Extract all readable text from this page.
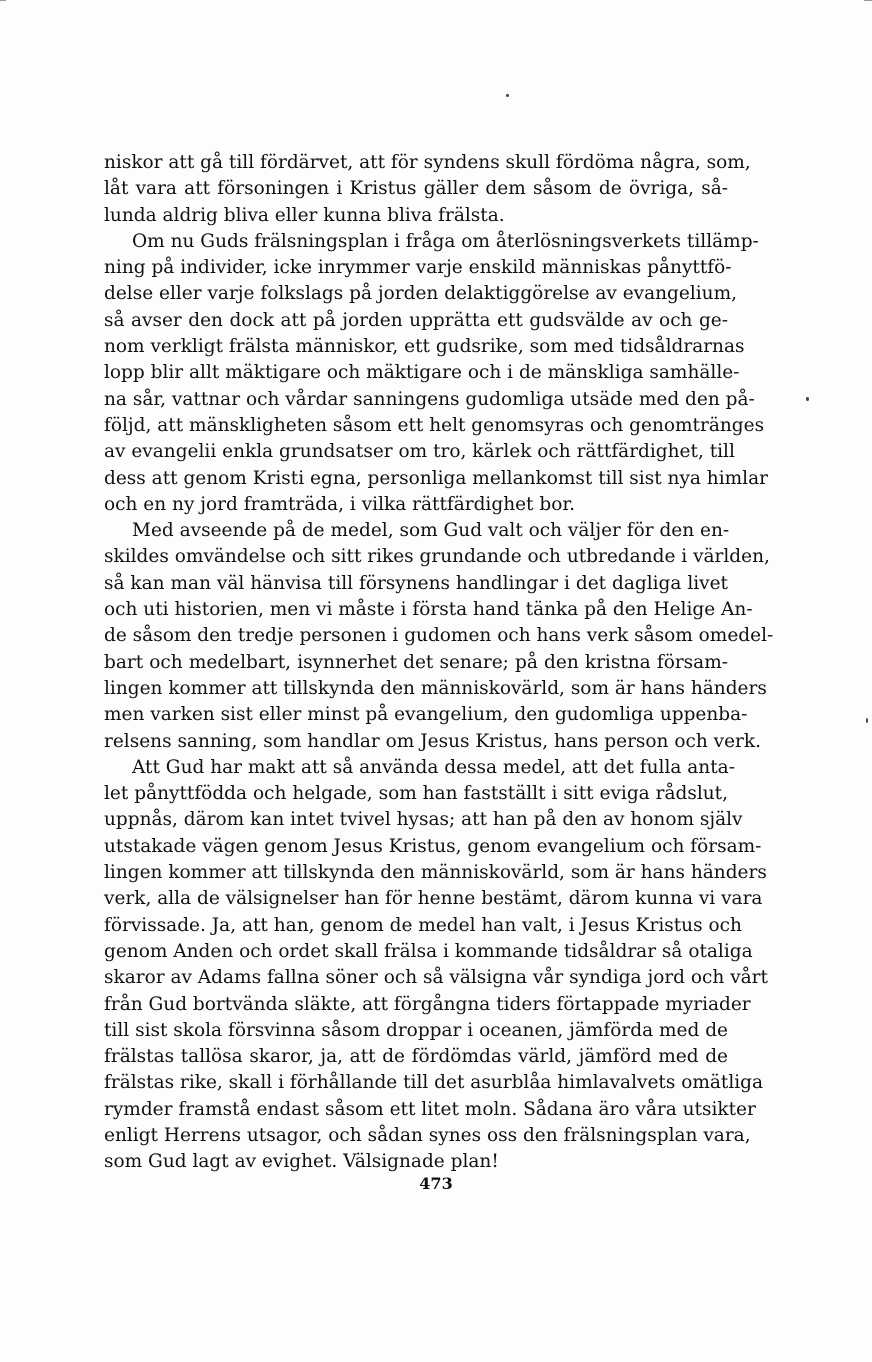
niskor att gå till fördärvet, att för syndens skull fördöma några, som,
låt vara att försoningen i Kristus gäller dem såsom de övriga, så-
lunda aldrig bliva eller kunna bliva frälsta.
Om nu Guds frälsningsplan i fråga om återlösningsverkets tillämp-
ning på individer, icke inrymmer varje enskild människas pånyttfö-
delse eller varje folkslags på jorden delaktiggörelse av evangelium,
så avser den dock att på jorden upprätta ett gudsvälde av och ge-
nom verkligt frälsta människor, ett gudsrike, som med tidsåldrarnas
lopp blir allt mäktigare och mäktigare och i de mänskliga samhälle-
na sår, vattnar och vårdar sanningens gudomliga utsäde med den på-
följd, att mänskligheten såsom ett helt genomsyras och genomtränges
av evangelii enkla grundsatser om tro, kärlek och rättfärdighet, till
dess att genom Kristi egna, personliga mellankomst till sist nya himlar
och en ny jord framträda, i vilka rättfärdighet bor.
Med avseende på de medel, som Gud valt och väljer för den en-
skildes omvändelse och sitt rikes grundande och utbredande i världen,
så kan man väl hänvisa till försynens handlingar i det dagliga livet
och uti historien, men vi måste i första hand tänka på den Helige An-
de såsom den tredje personen i gudomen och hans verk såsom omedel-
bart och medelbart, isynnerhet det senare; på den kristna försam-
lingen kommer att tillskynda den människovärld, som är hans händers
men varken sist eller minst på evangelium, den gudomliga uppenba-
relsens sanning, som handlar om Jesus Kristus, hans person och verk.
Att Gud har makt att så använda dessa medel, att det fulla anta-
let pånyttfödda och helgade, som han fastställt i sitt eviga rådslut,
uppnås, därom kan intet tvivel hysas; att han på den av honom själv
utstakade vägen genom Jesus Kristus, genom evangelium och försam-
lingen kommer att tillskynda den människovärld, som är hans händers
verk, alla de välsignelser han för henne bestämt, därom kunna vi vara
förvissade. Ja, att han, genom de medel han valt, i Jesus Kristus och
genom Anden och ordet skall frälsa i kommande tidsåldrar så otaliga
skaror av Adams fallna söner och så välsigna vår syndiga jord och vårt
från Gud bortvända släkte, att förgångna tiders förtappade myriader
till sist skola försvinna såsom droppar i oceanen, jämförda med de
frälstas tallösa skaror, ja, att de fördömdas värld, jämförd med de
frälstas rike, skall i förhållande till det asurblåa himlavalvets omätliga
rymder framstå endast såsom ett litet moln. Sådana äro våra utsikter
enligt Herrens utsagor, och sådan synes oss den frälsningsplan vara,
som Gud lagt av evighet. Välsignade plan!
473
